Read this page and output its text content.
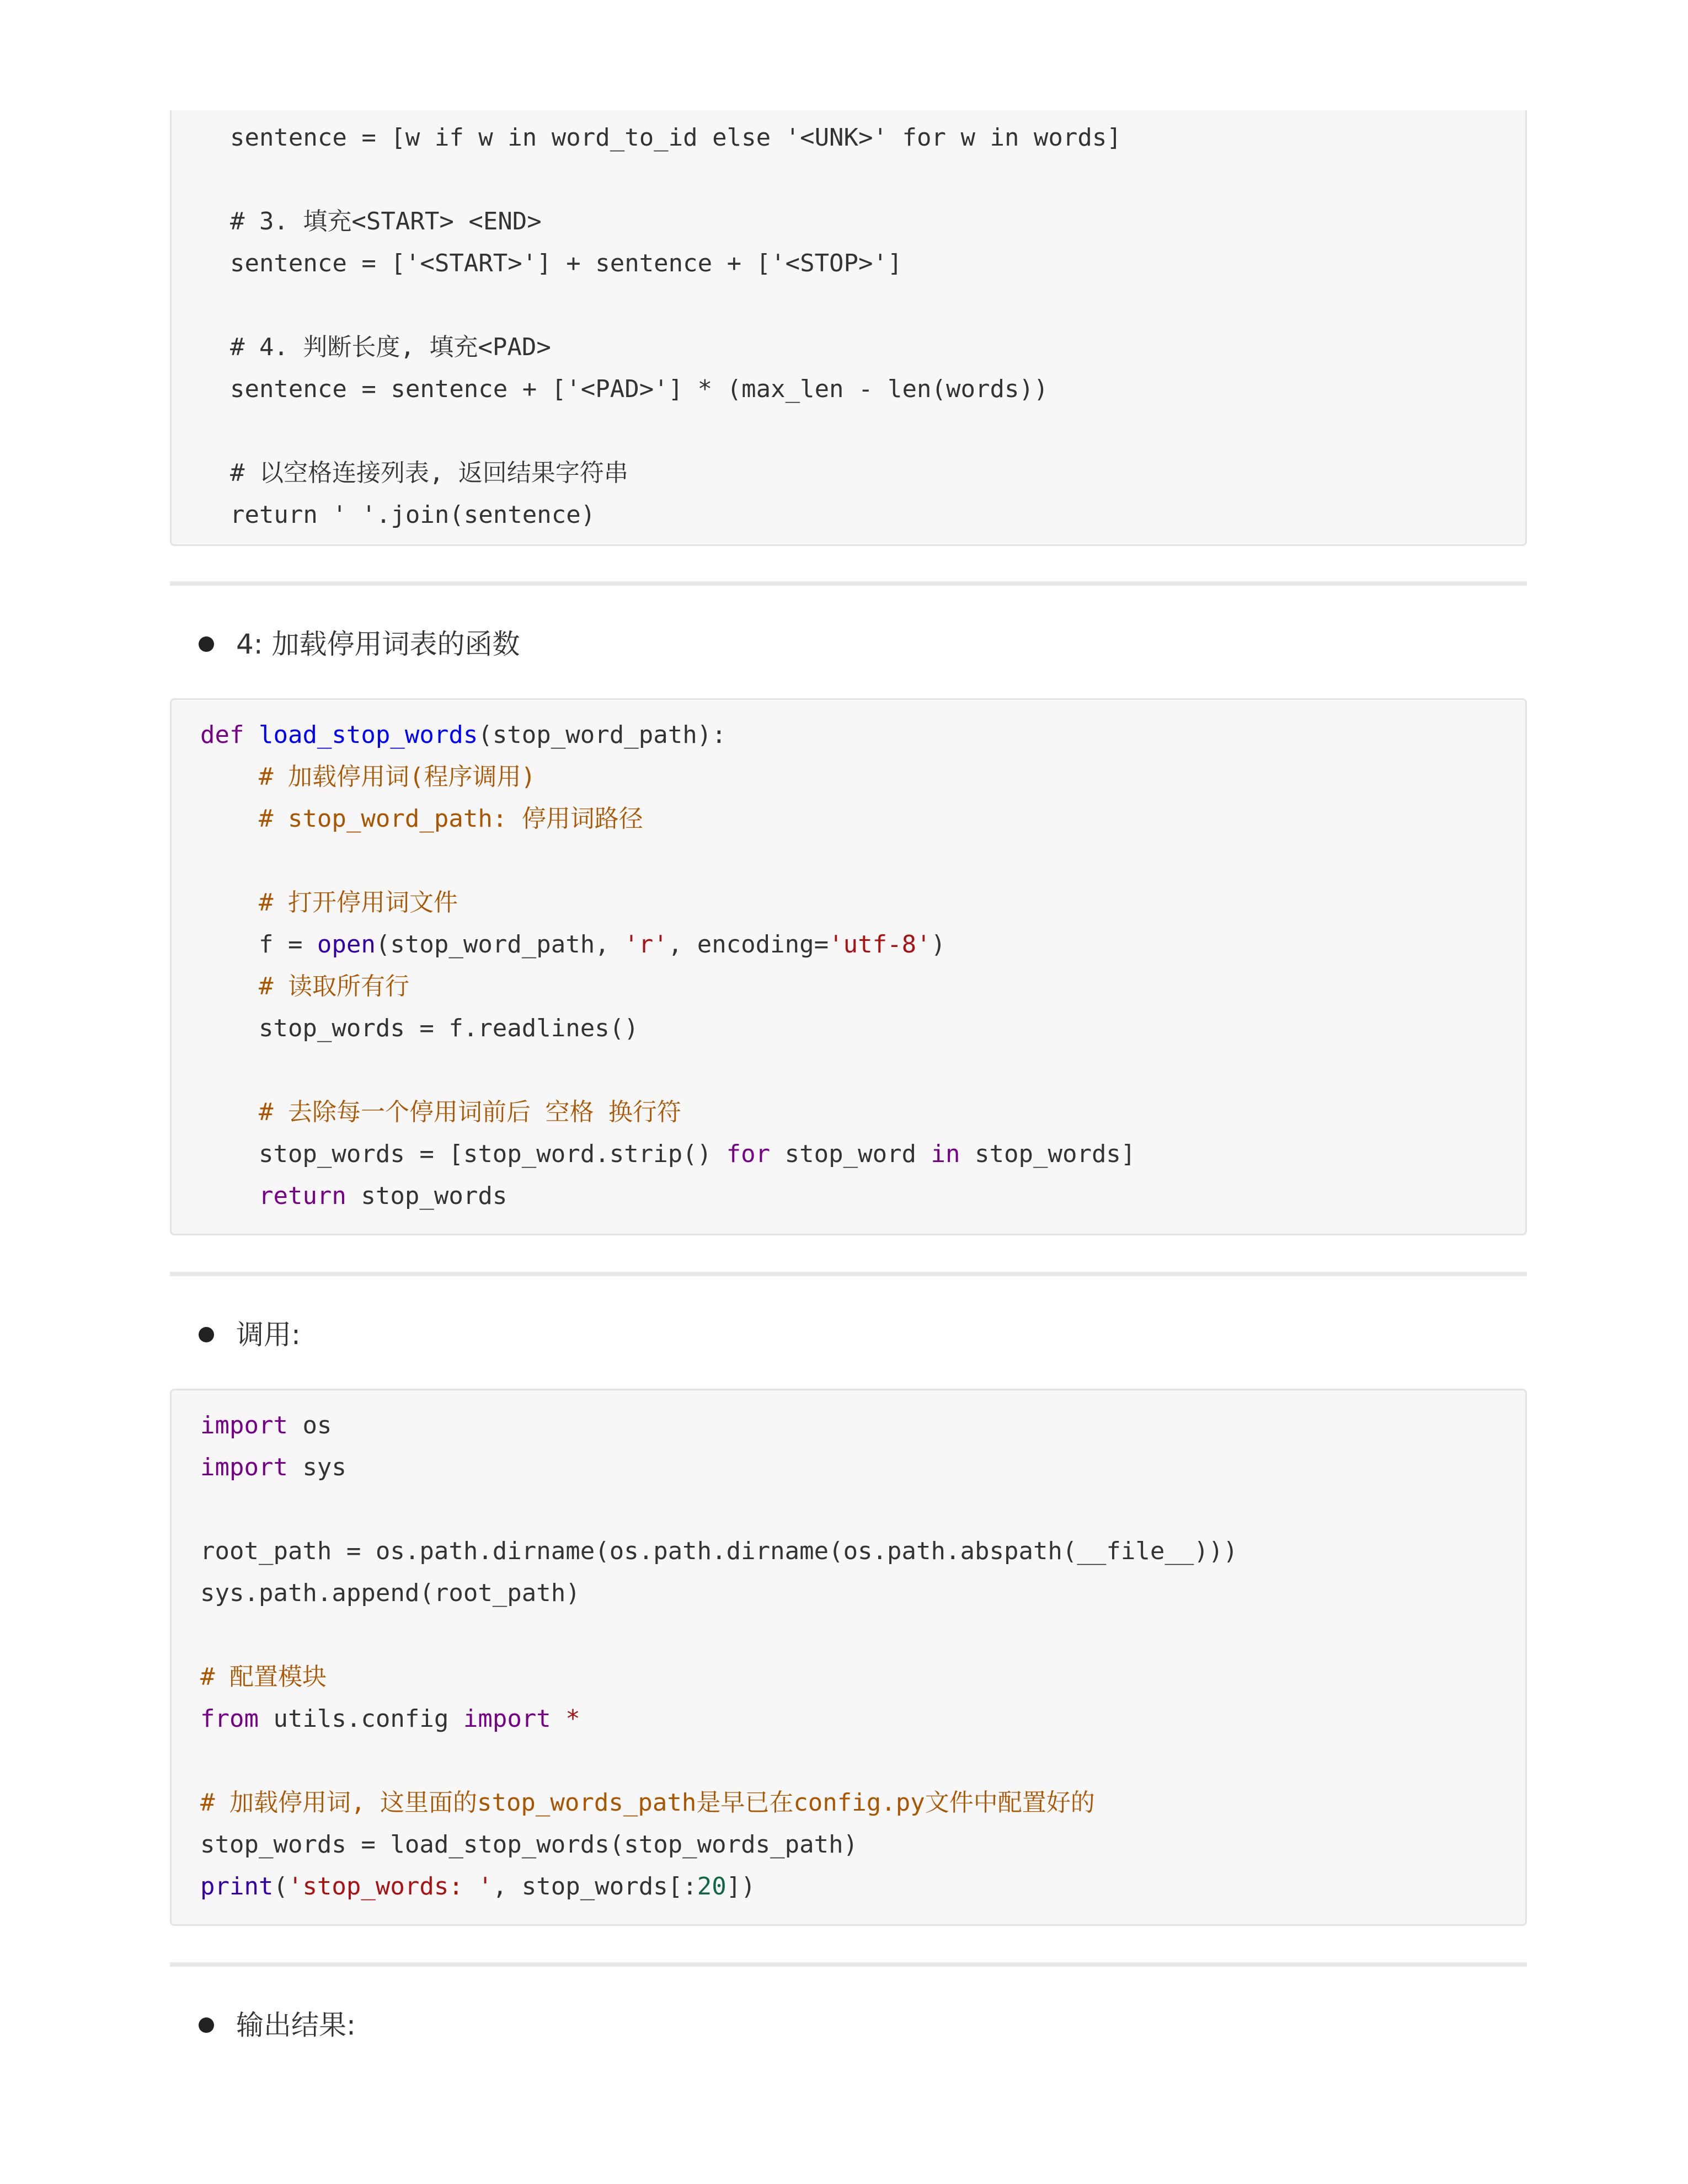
sentence = [w if w in word_to_id else '<UNK>' for w in words]
# 3. 填充<START> <END>
sentence = ['<START>'] + sentence + ['<STOP>']
# 4. 判断长度, 填充<PAD>
sentence = sentence + ['<PAD>'] * (max_len - len(words))
# 以空格连接列表, 返回结果字符串
return ' '.join(sentence)
4: 加载停用词表的函数
def load_stop_words(stop_word_path):
# 加载停用词(程序调用)
# stop_word_path: 停用词路径
# 打开停用词文件
f = open(stop_word_path, 'r', encoding='utf-8')
# 读取所有行
stop_words = f.readlines()
# 去除每一个停用词前后 空格 换行符
stop_words = [stop_word.strip() for stop_word in stop_words]
return stop_words
调用:
import os
import sys
root_path = os.path.dirname(os.path.dirname(os.path.abspath(__file__)))
sys.path.append(root_path)
# 配置模块
from utils.config import *
# 加载停用词, 这里面的stop_words_path是早已在config.py文件中配置好的
stop_words = load_stop_words(stop_words_path)
print('stop_words: ', stop_words[:20])
输出结果:
